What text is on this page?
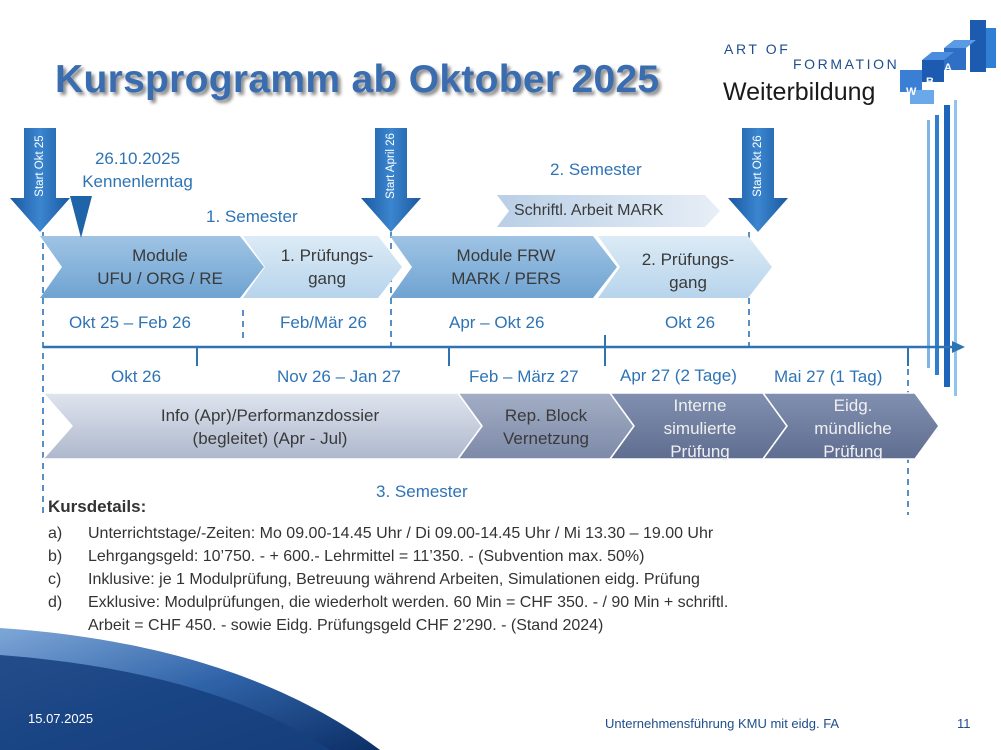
Kursprogramm ab Oktober 2025
ART OF
FORMATION
Weiterbildung	W
B
A
Start Okt 25	Start April 26	Start Okt 26
26.10.2025
Kennenlerntag
1. Semester
2. Semester
3. Semester
Schriftl. Arbeit MARK
Module
UFU / ORG / RE
1. Prüfungs-
gang
Module FRW
MARK / PERS
2. Prüfungs-
gang
Okt 25 – Feb 26	Feb/Mär 26	Apr – Okt 26	Okt 26
Okt 26	Nov 26 – Jan 27	Feb – März 27 Apr 27 (2 Tage) Mai 27 (1 Tag)
Info (Apr)/Performanzdossier
(begleitet) (Apr - Jul)
Rep. Block
Vernetzung
Interne
simulierte
Prüfung
Eidg.
mündliche
Prüfung
Kursdetails:
a) Unterrichtstage/-Zeiten: Mo 09.00-14.45 Uhr / Di 09.00-14.45 Uhr / Mi 13.30 – 19.00 Uhr
b) Lehrgangsgeld: 10’750. - + 600.- Lehrmittel = 11’350. - (Subvention max. 50%)
c) Inklusive: je 1 Modulprüfung, Betreuung während Arbeiten, Simulationen eidg. Prüfung
d) Exklusive: Modulprüfungen, die wiederholt werden. 60 Min = CHF 350. - / 90 Min + schriftl.
Arbeit = CHF 450. - sowie Eidg. Prüfungsgeld CHF 2’290. - (Stand 2024)
15.07.2025	Unternehmensführung KMU mit eidg. FA	11
